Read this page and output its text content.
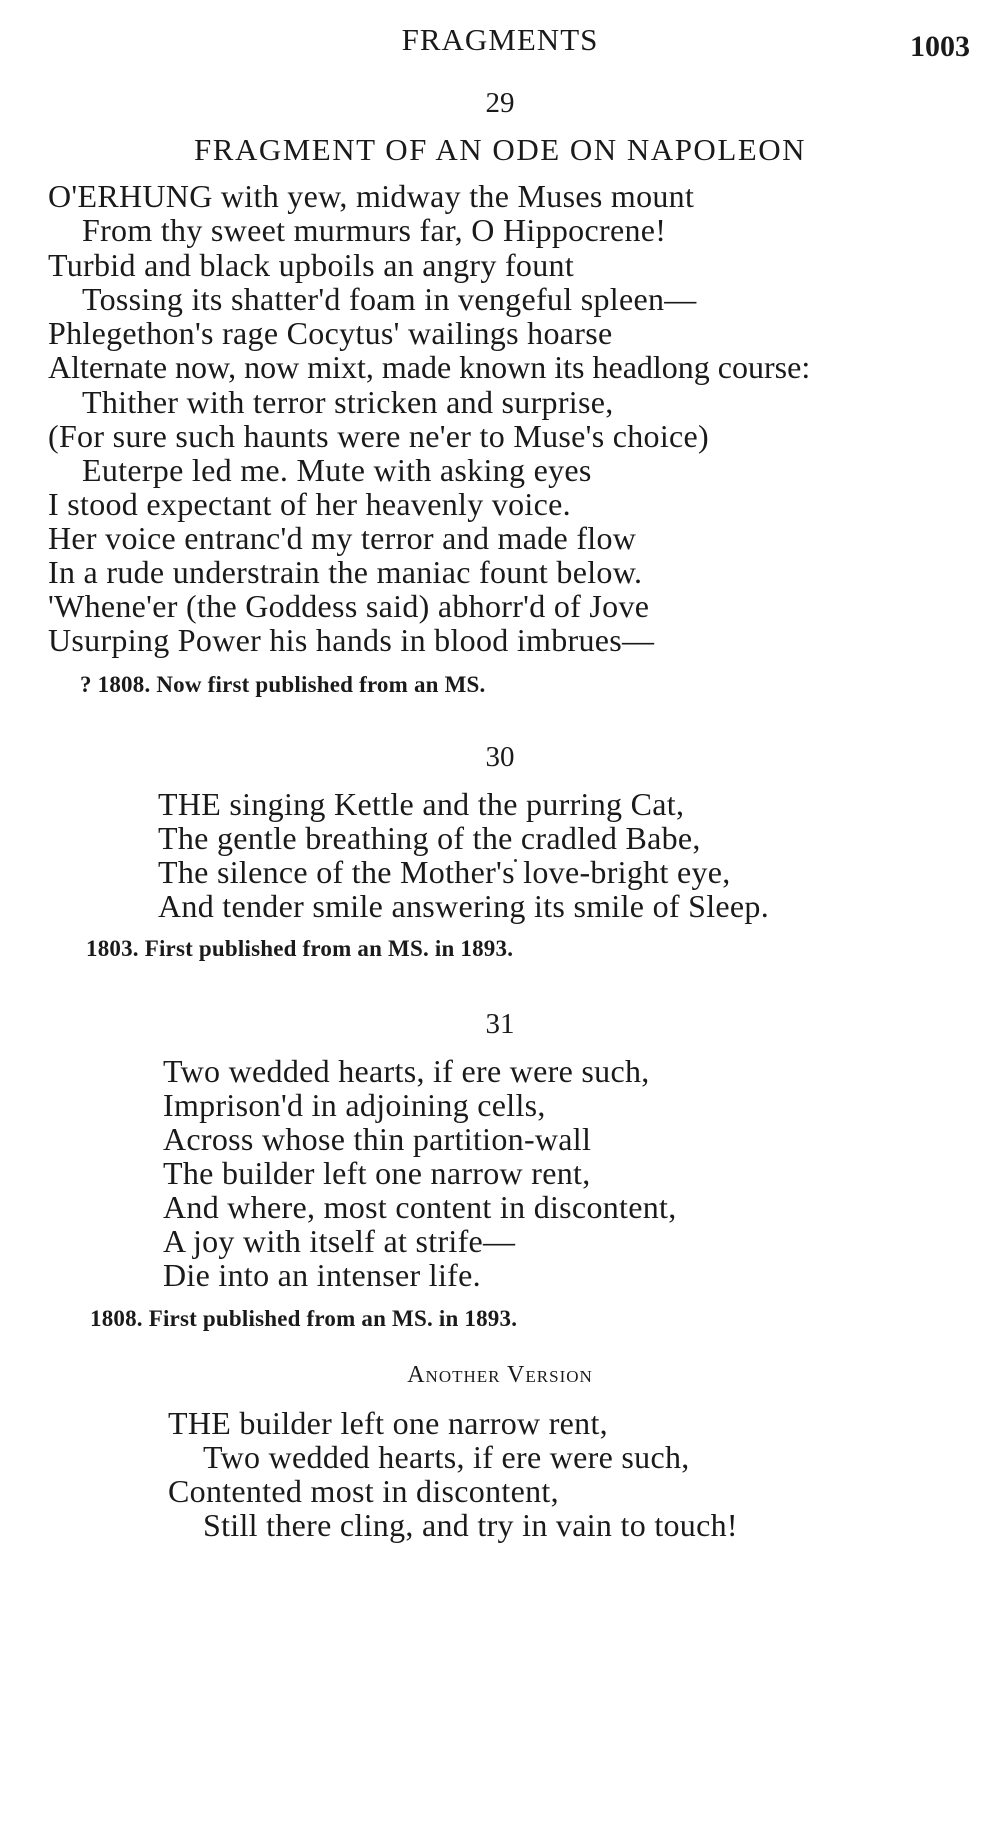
FRAGMENTS	1003
29
FRAGMENT OF AN ODE ON NAPOLEON
O'ERHUNG with yew, midway the Muses mount
From thy sweet murmurs far, O Hippocrene!
Turbid and black upboils an angry fount
Tossing its shatter'd foam in vengeful spleen—
Phlegethon's rage Cocytus' wailings hoarse
Alternate now, now mixt, made known its headlong course:
Thither with terror stricken and surprise,
(For sure such haunts were ne'er to Muse's choice)
Euterpe led me. Mute with asking eyes
I stood expectant of her heavenly voice.
Her voice entranc'd my terror and made flow
In a rude understrain the maniac fount below.
'Whene'er (the Goddess said) abhorr'd of Jove
Usurping Power his hands in blood imbrues—
? 1808. Now first published from an MS.
30
THE singing Kettle and the purring Cat,
The gentle breathing of the cradled Babe,
The silence of the Mother's love-bright eye,
And tender smile answering its smile of Sleep.
1803. First published from an MS. in 1893.
31
Two wedded hearts, if ere were such,
Imprison'd in adjoining cells,
Across whose thin partition-wall
The builder left one narrow rent,
And where, most content in discontent,
A joy with itself at strife—
Die into an intenser life.
1808. First published from an MS. in 1893.
Another Version
THE builder left one narrow rent,
Two wedded hearts, if ere were such,
Contented most in discontent,
Still there cling, and try in vain to touch!
